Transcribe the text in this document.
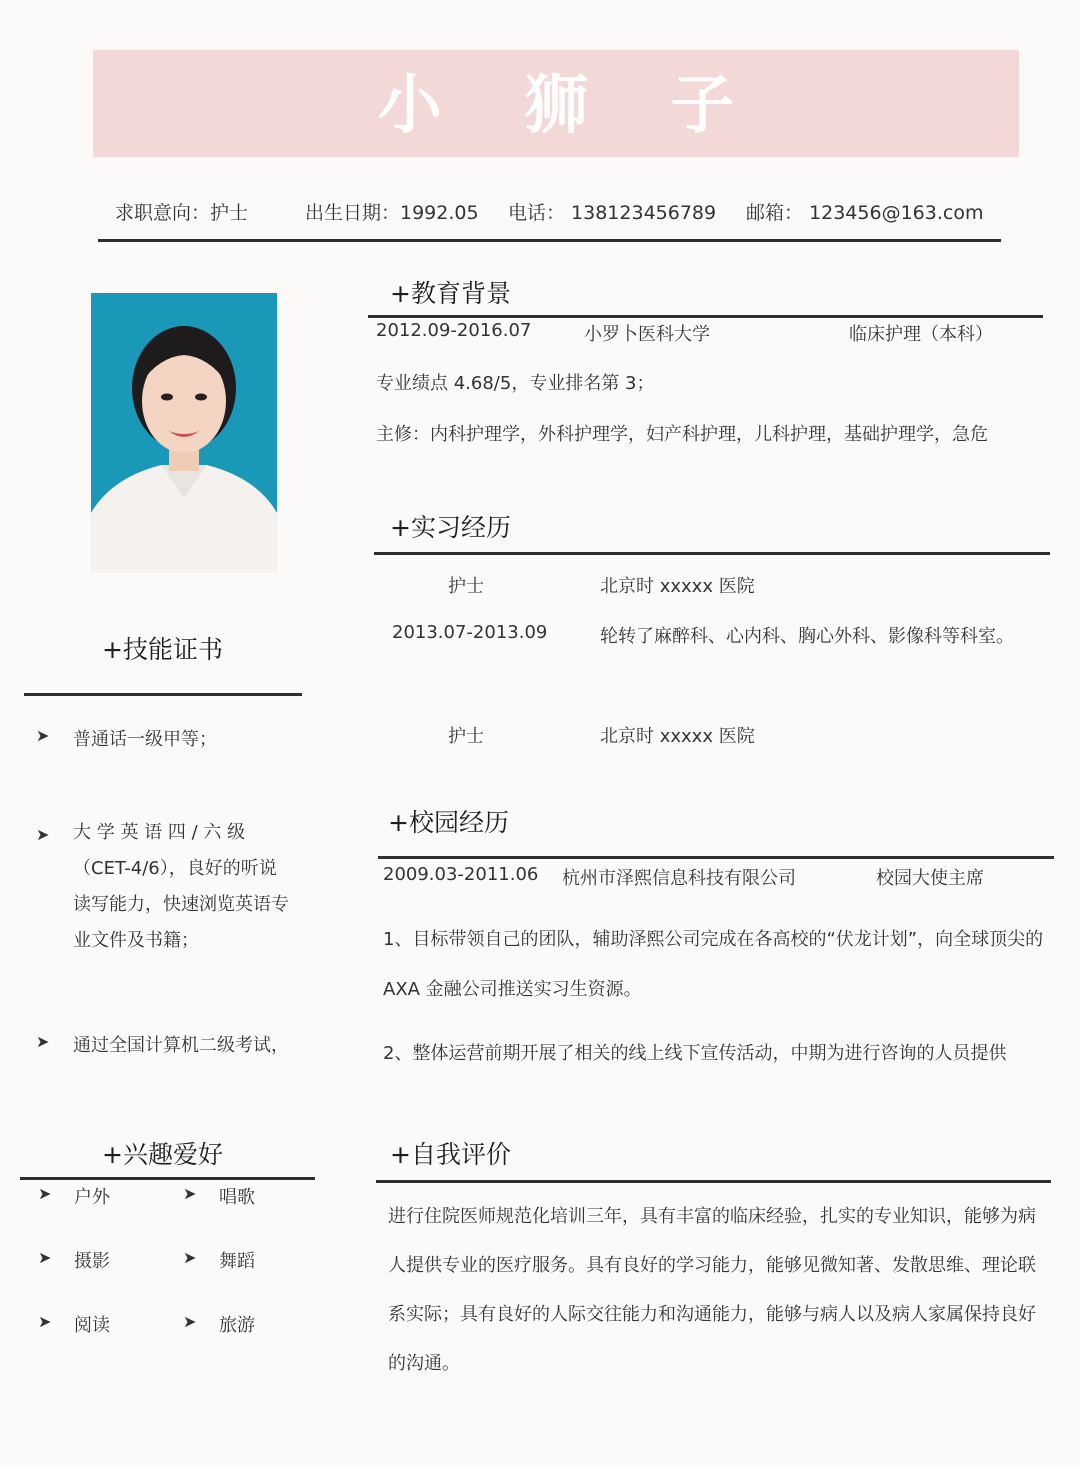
小 狮 子
求职意向：护士	出生日期：1992.05 电话： 138123456789 邮箱： 123456@163.com
+技能证书
➤ 普通话一级甲等；
➤ 大 学 英 语 四 / 六 级（CET-4/6），良好的听说读写能力，快速浏览英语专业文件及书籍；
➤ 通过全国计算机二级考试，
+兴趣爱好
➤ 户外	➤ 唱歌
➤ 摄影	➤ 舞蹈
➤ 阅读	➤ 旅游
+教育背景
2012.09-2016.07	小罗卜医科大学	临床护理（本科）
专业绩点 4.68/5，专业排名第 3；
主修：内科护理学，外科护理学，妇产科护理，儿科护理，基础护理学，急危
+实习经历
护士	北京时 xxxxx 医院
2013.07-2013.09	轮转了麻醉科、心内科、胸心外科、影像科等科室。
护士	北京时 xxxxx 医院
+校园经历
2009.03-2011.06 杭州市泽熙信息科技有限公司	校园大使主席
1、目标带领自己的团队，辅助泽熙公司完成在各高校的“伏龙计划”，向全球顶尖的 AXA 金融公司推送实习生资源。
2、整体运营前期开展了相关的线上线下宣传活动，中期为进行咨询的人员提供
+自我评价
进行住院医师规范化培训三年，具有丰富的临床经验，扎实的专业知识，能够为病人提供专业的医疗服务。具有良好的学习能力，能够见微知著、发散思维、理论联系实际；具有良好的人际交往能力和沟通能力，能够与病人以及病人家属保持良好的沟通。
